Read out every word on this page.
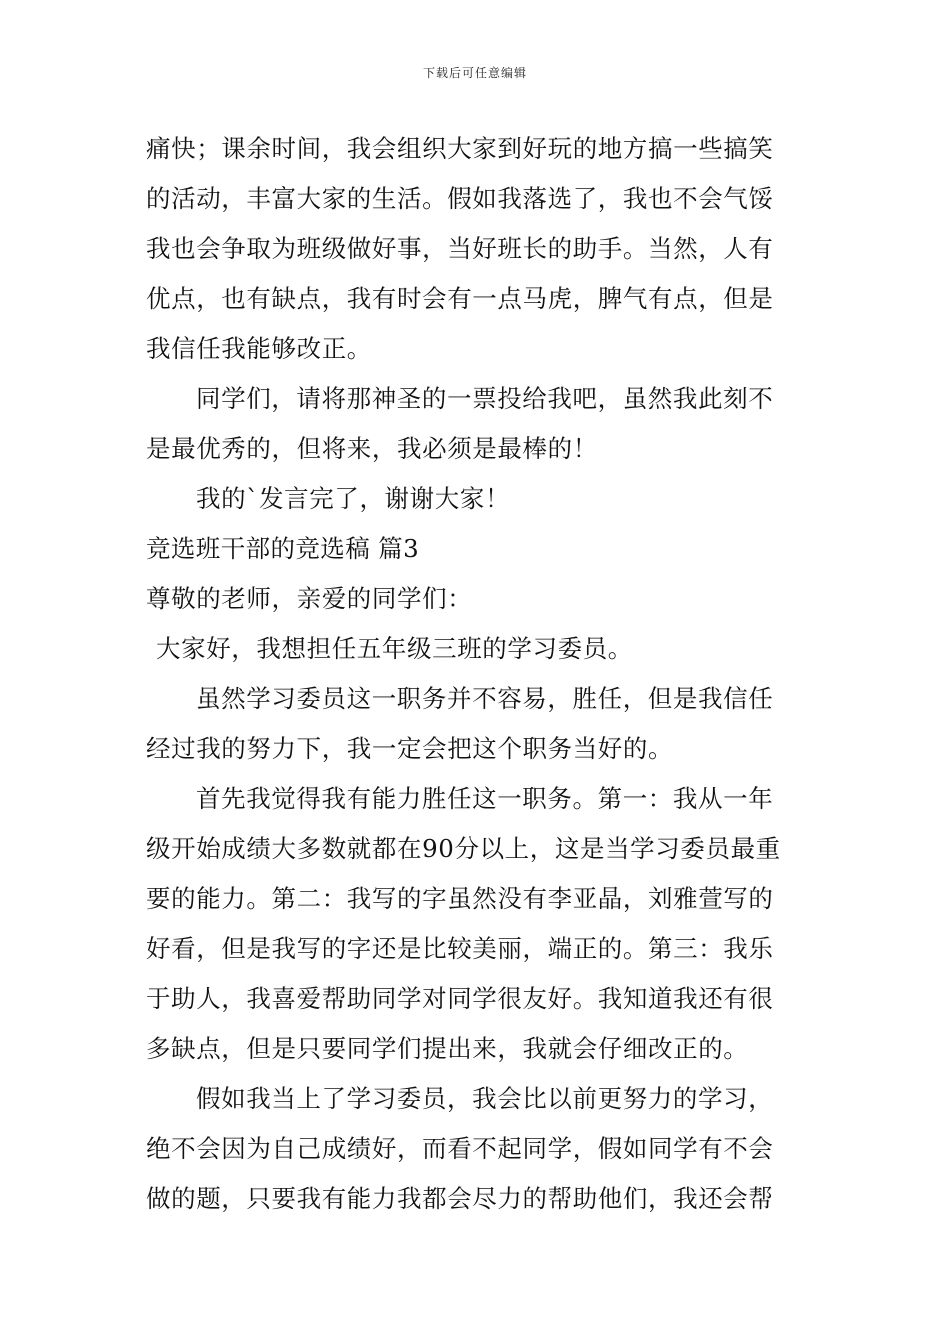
下载后可任意编辑
痛快；课余时间，我会组织大家到好玩的地方搞一些搞笑
的活动，丰富大家的生活。假如我落选了，我也不会气馁
我也会争取为班级做好事，当好班长的助手。当然，人有
优点，也有缺点，我有时会有一点马虎，脾气有点，但是
我信任我能够改正。
同学们，请将那神圣的一票投给我吧，虽然我此刻不
是最优秀的，但将来，我必须是最棒的！
我的`发言完了，谢谢大家！
竞选班干部的竞选稿 篇3
尊敬的老师，亲爱的同学们：
大家好，我想担任五年级三班的学习委员。
虽然学习委员这一职务并不容易，胜任，但是我信任
经过我的努力下，我一定会把这个职务当好的。
首先我觉得我有能力胜任这一职务。第一：我从一年
级开始成绩大多数就都在90分以上，这是当学习委员最重
要的能力。第二：我写的字虽然没有李亚晶，刘雅萱写的
好看，但是我写的字还是比较美丽，端正的。第三：我乐
于助人，我喜爱帮助同学对同学很友好。我知道我还有很
多缺点，但是只要同学们提出来，我就会仔细改正的。
假如我当上了学习委员，我会比以前更努力的学习，
绝不会因为自己成绩好，而看不起同学，假如同学有不会
做的题，只要我有能力我都会尽力的帮助他们，我还会帮
